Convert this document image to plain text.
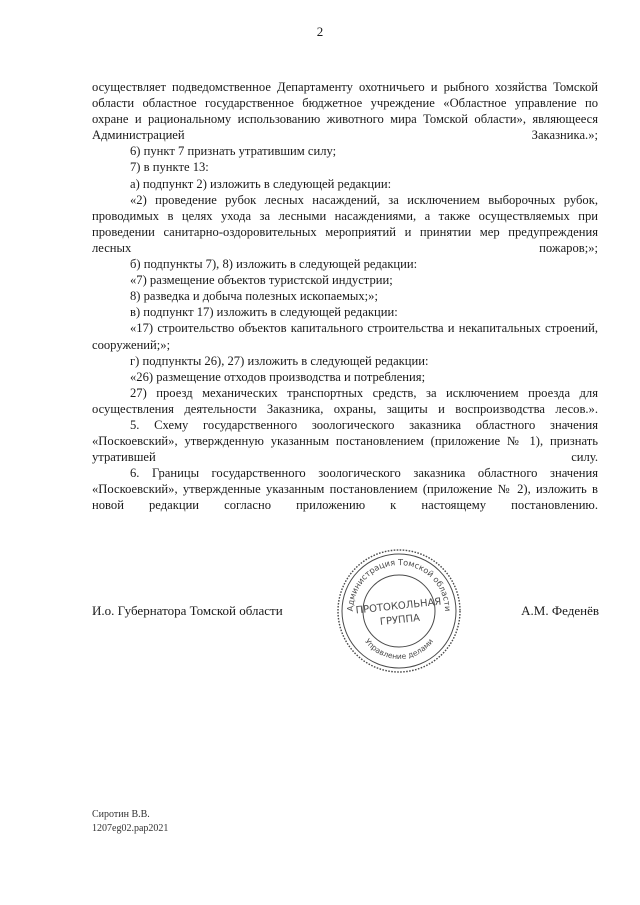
2

осуществляет подведомственное Департаменту охотничьего и рыбного хозяйства Томской области областное государственное бюджетное учреждение «Областное управление по охране и рациональному использованию животного мира Томской области», являющееся Администрацией Заказника.»;

6) пункт 7 признать утратившим силу;

7) в пункте 13:

а) подпункт 2) изложить в следующей редакции:

«2) проведение рубок лесных насаждений, за исключением выборочных рубок, проводимых в целях ухода за лесными насаждениями, а также осуществляемых при проведении санитарно-оздоровительных мероприятий и принятии мер предупреждения лесных пожаров;»;

б) подпункты 7), 8) изложить в следующей редакции:

«7) размещение объектов туристской индустрии;

8) разведка и добыча полезных ископаемых;»;

в) подпункт 17) изложить в следующей редакции:

«17) строительство объектов капитального строительства и некапитальных строений, сооружений;»;

г) подпункты 26), 27) изложить в следующей редакции:

«26) размещение отходов производства и потребления;

27) проезд механических транспортных средств, за исключением проезда для осуществления деятельности Заказника, охраны, защиты и воспроизводства лесов.».

5. Схему государственного зоологического заказника областного значения «Поскоевский», утвержденную указанным постановлением (приложение № 1), признать утратившей силу.

6. Границы государственного зоологического заказника областного значения «Поскоевский», утвержденные указанным постановлением (приложение № 2), изложить в новой редакции согласно приложению к настоящему постановлению.

И.о. Губернатора Томской области	А.М. Феденёв
Администрация Томской области
Управление делами
ПРОТОКОЛЬНАЯ
ГРУППА
Сиротин В.В.
1207eg02.pap2021
